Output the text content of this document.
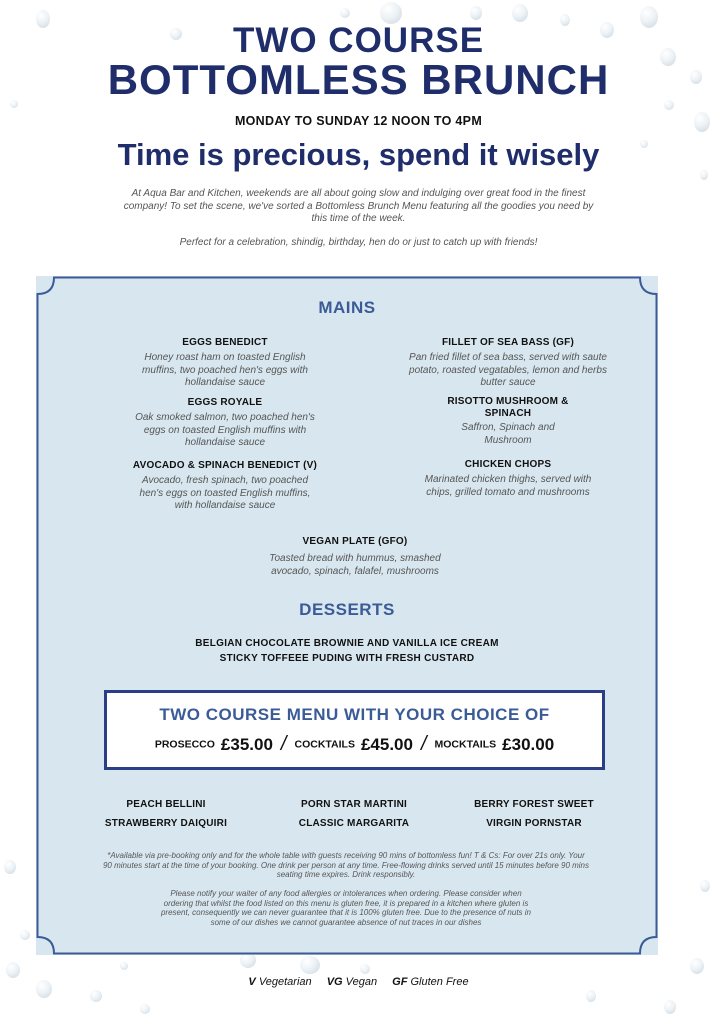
TWO COURSE
BOTTOMLESS BRUNCH
MONDAY TO SUNDAY 12 NOON TO 4PM
Time is precious, spend it wisely
At Aqua Bar and Kitchen, weekends are all about going slow and indulging over great food in the finest company! To set the scene, we've sorted a Bottomless Brunch Menu featuring all the goodies you need by this time of the week.
Perfect for a celebration, shindig, birthday, hen do or just to catch up with friends!
MAINS
EGGS BENEDICT
Honey roast ham on toasted English muffins, two poached hen's eggs with hollandaise sauce
EGGS ROYALE
Oak smoked salmon, two poached hen's eggs on toasted English muffins with hollandaise sauce
AVOCADO & SPINACH BENEDICT (V)
Avocado, fresh spinach, two poached hen's eggs on toasted English muffins, with hollandaise sauce
FILLET OF SEA BASS (GF)
Pan fried fillet of sea bass, served with saute potato, roasted vegatables, lemon and herbs butter sauce
RISOTTO MUSHROOM & SPINACH
Saffron, Spinach and Mushroom
CHICKEN CHOPS
Marinated chicken thighs, served with chips, grilled tomato and mushrooms
VEGAN PLATE (GFO)
Toasted bread with hummus, smashed avocado, spinach, falafel, mushrooms
DESSERTS
BELGIAN CHOCOLATE BROWNIE AND VANILLA ICE CREAM
STICKY TOFFEEE PUDING WITH FRESH CUSTARD
TWO COURSE MENU WITH YOUR CHOICE OF
PROSECCO £35.00 / COCKTAILS £45.00 / MOCKTAILS £30.00
PEACH BELLINI	PORN STAR MARTINI	BERRY FOREST SWEET
STRAWBERRY DAIQUIRI	CLASSIC MARGARITA	VIRGIN PORNSTAR
*Available via pre-booking only and for the whole table with guests receiving 90 mins of bottomless fun! T & Cs: For over 21s only. Your 90 minutes start at the time of your booking. One drink per person at any time. Free-flowing drinks served until 15 minutes before 90 mins seating time expires. Drink responsibly.
Please notify your waiter of any food allergies or intolerances when ordering. Please consider when ordering that whilst the food listed on this menu is gluten free, it is prepared in a kitchen where gluten is present, consequently we can never guarantee that it is 100% gluten free. Due to the presence of nuts in some of our dishes we cannot guarantee absence of nut traces in our dishes
V Vegetarian VG Vegan GF Gluten Free
